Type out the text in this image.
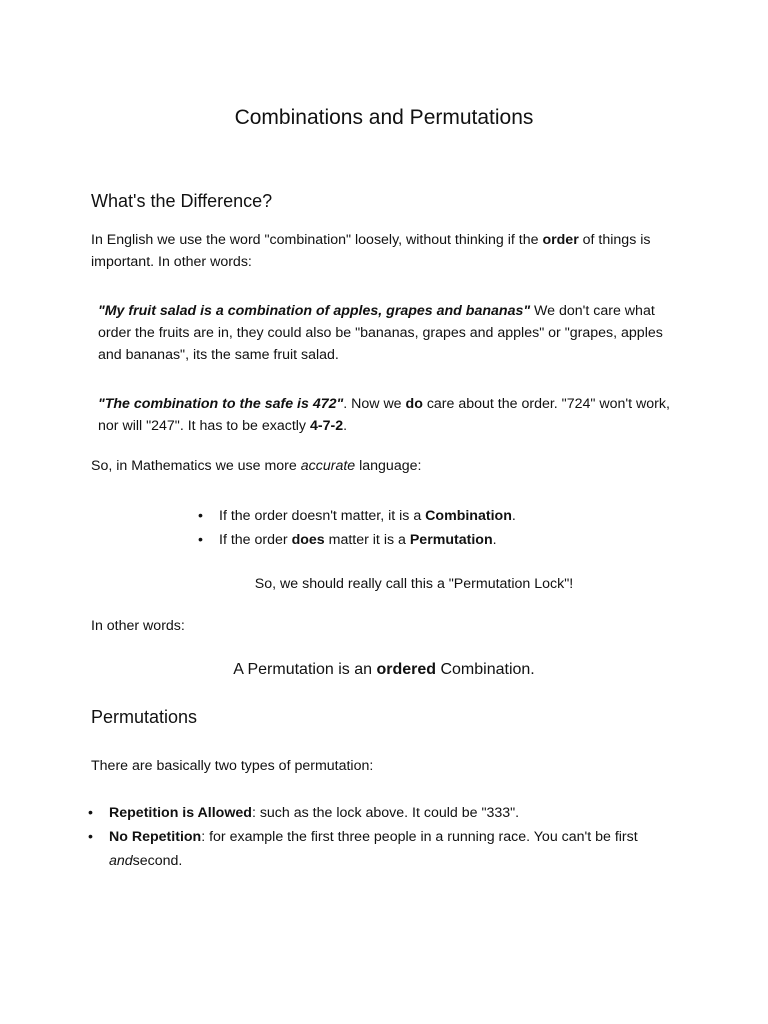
Combinations and Permutations
What's the Difference?
In English we use the word "combination" loosely, without thinking if the order of things is important. In other words:
"My fruit salad is a combination of apples, grapes and bananas" We don't care what order the fruits are in, they could also be "bananas, grapes and apples" or "grapes, apples and bananas", its the same fruit salad.
"The combination to the safe is 472". Now we do care about the order. "724" won't work, nor will "247". It has to be exactly 4-7-2.
So, in Mathematics we use more accurate language:
• If the order doesn't matter, it is a Combination.
• If the order does matter it is a Permutation.
So, we should really call this a "Permutation Lock"!
In other words:
A Permutation is an ordered Combination.
Permutations
There are basically two types of permutation:
• Repetition is Allowed: such as the lock above. It could be "333".
• No Repetition: for example the first three people in a running race. You can't be first andsecond.
